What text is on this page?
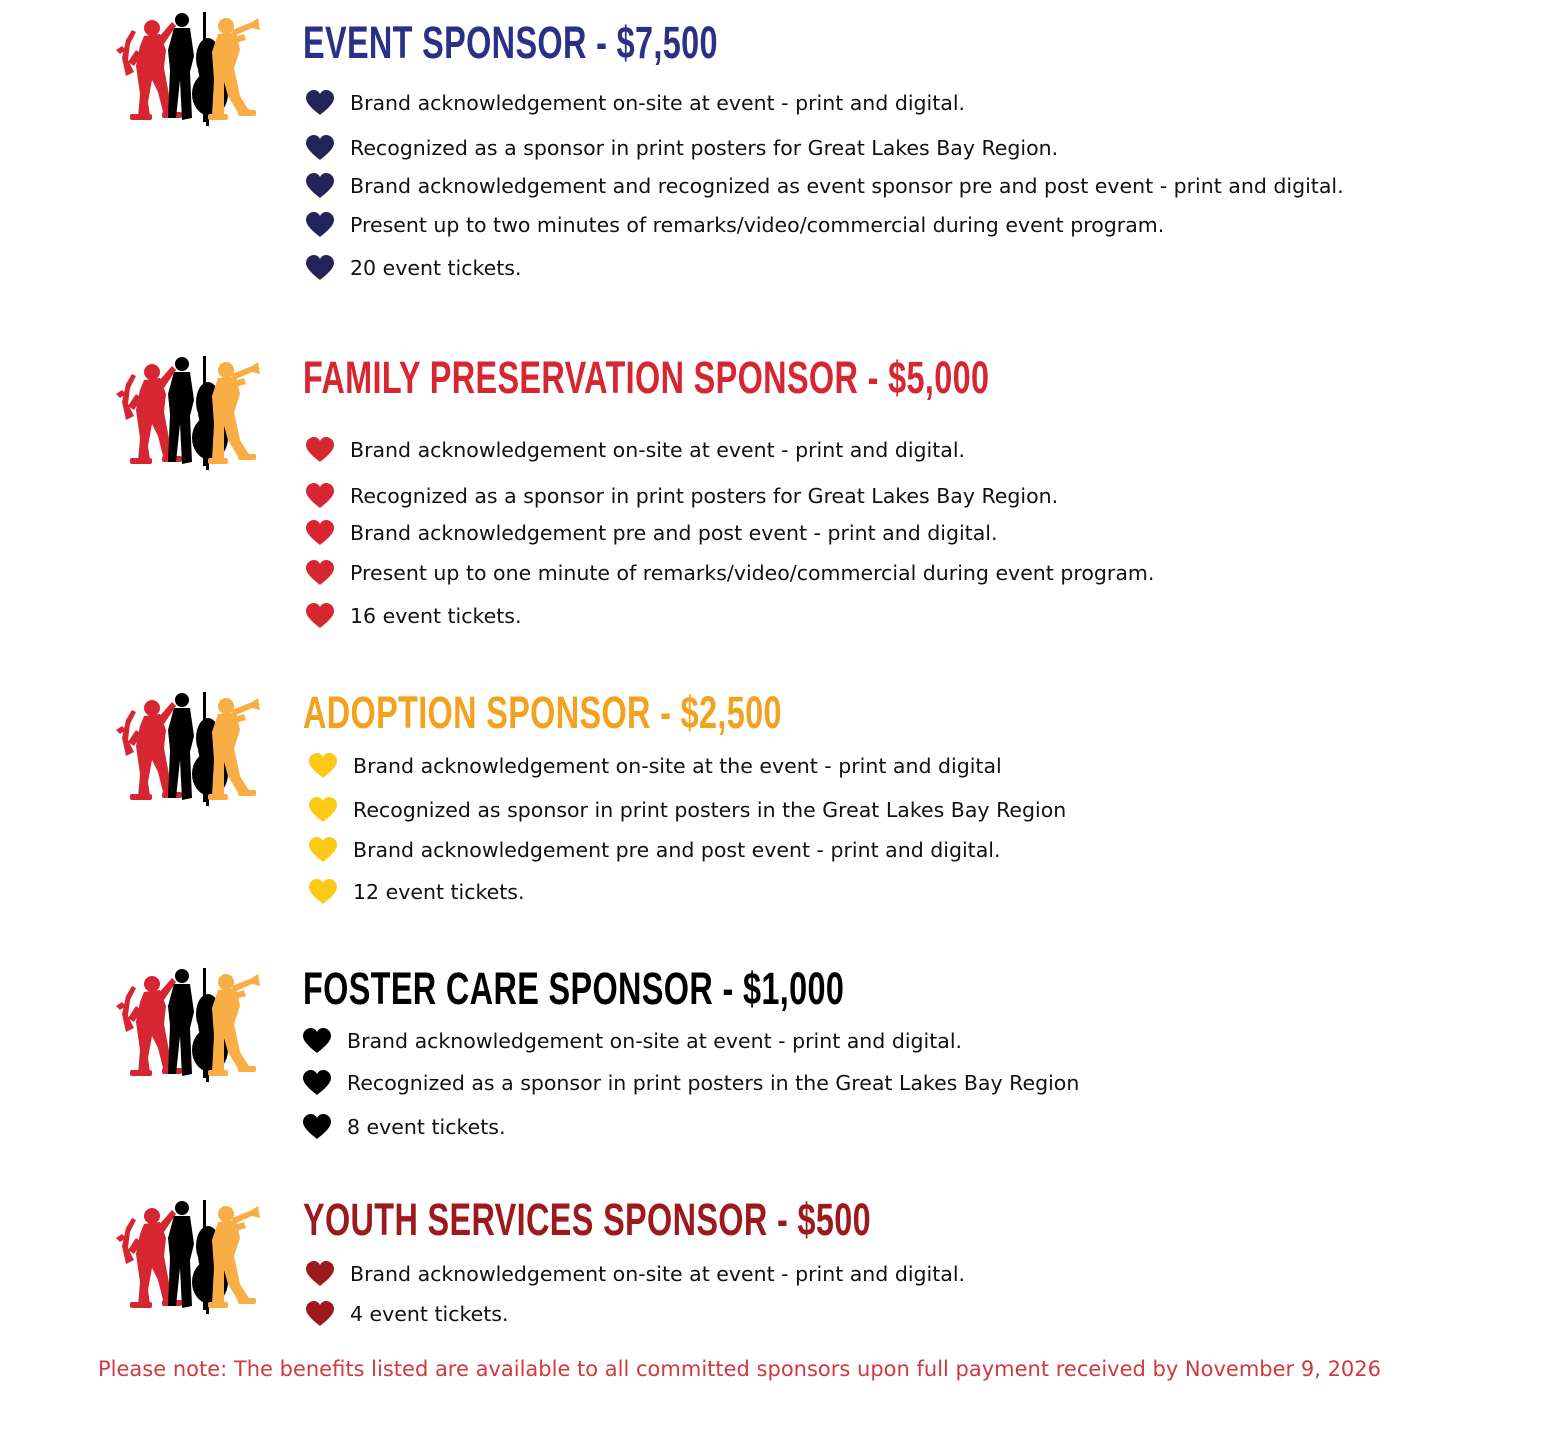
EVENT SPONSOR - $7,500
Brand acknowledgement on-site at event - print and digital.
Recognized as a sponsor in print posters for Great Lakes Bay Region.
Brand acknowledgement and recognized as event sponsor pre and post event - print and digital.
Present up to two minutes of remarks/video/commercial during event program.
20 event tickets.
FAMILY PRESERVATION SPONSOR - $5,000
Brand acknowledgement on-site at event - print and digital.
Recognized as a sponsor in print posters for Great Lakes Bay Region.
Brand acknowledgement pre and post event - print and digital.
Present up to one minute of remarks/video/commercial during event program.
16 event tickets.
ADOPTION SPONSOR - $2,500
Brand acknowledgement on-site at the event - print and digital
Recognized as sponsor in print posters in the Great Lakes Bay Region
Brand acknowledgement pre and post event - print and digital.
12 event tickets.
FOSTER CARE SPONSOR - $1,000
Brand acknowledgement on-site at event - print and digital.
Recognized as a sponsor in print posters in the Great Lakes Bay Region
8 event tickets.
YOUTH SERVICES SPONSOR - $500
Brand acknowledgement on-site at event - print and digital.
4 event tickets.

Please note: The benefits listed are available to all committed sponsors upon full payment received by November 9, 2026
